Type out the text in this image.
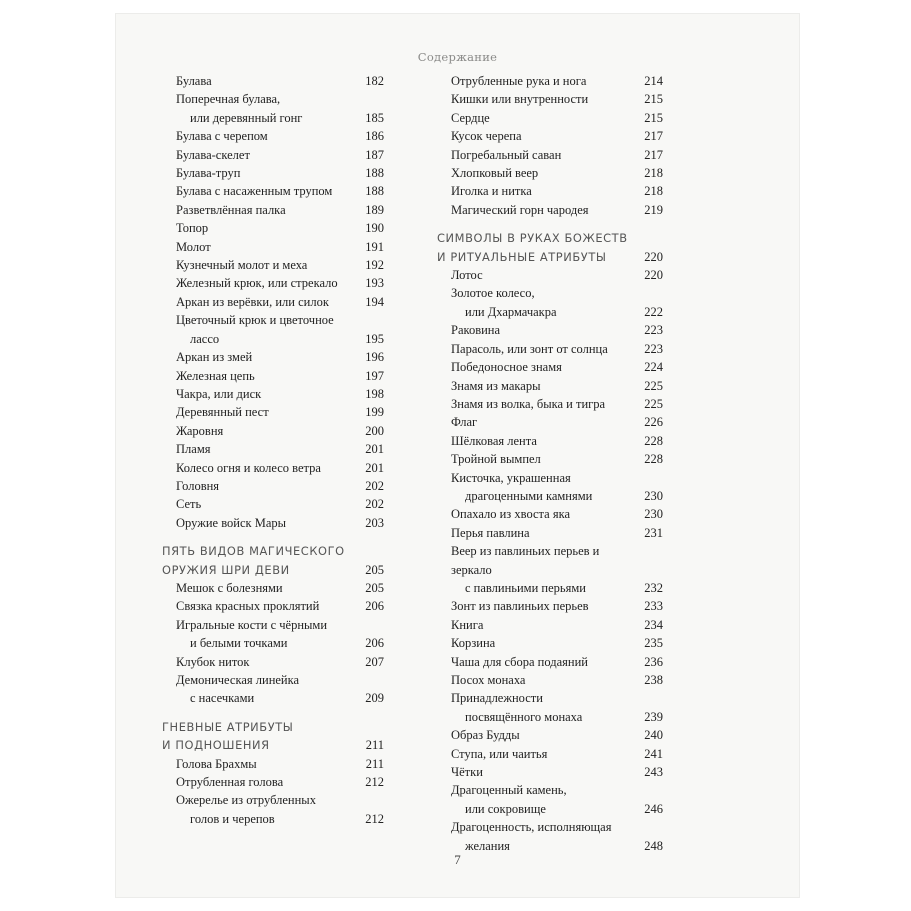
Содержание
Булава	182
Поперечная булава,
или деревянный гонг	185
Булава с черепом	186
Булава-скелет	187
Булава-труп	188
Булава с насаженным трупом	188
Разветвлённая палка	189
Топор	190
Молот	191
Кузнечный молот и меха	192
Железный крюк, или стрекало	193
Аркан из верёвки, или силок	194
Цветочный крюк и цветочное
лассо	195
Аркан из змей	196
Железная цепь	197
Чакра, или диск	198
Деревянный пест	199
Жаровня	200
Пламя	201
Колесо огня и колесо ветра	201
Головня	202
Сеть	202
Оружие войск Мары	203
ПЯТЬ ВИДОВ МАГИЧЕСКОГО
ОРУЖИЯ ШРИ ДЕВИ	205
Мешок с болезнями	205
Связка красных проклятий	206
Игральные кости с чёрными
и белыми точками	206
Клубок ниток	207
Демоническая линейка
с насечками	209
ГНЕВНЫЕ АТРИБУТЫ
И ПОДНОШЕНИЯ	211
Голова Брахмы	211
Отрубленная голова	212
Ожерелье из отрубленных
голов и черепов	212
Отрубленные рука и нога	214
Кишки или внутренности	215
Сердце	215
Кусок черепа	217
Погребальный саван	217
Хлопковый веер	218
Иголка и нитка	218
Магический горн чародея	219
СИМВОЛЫ В РУКАХ БОЖЕСТВ
И РИТУАЛЬНЫЕ АТРИБУТЫ	220
Лотос	220
Золотое колесо,
или Дхармачакра	222
Раковина	223
Парасоль, или зонт от солнца	223
Победоносное знамя	224
Знамя из макары	225
Знамя из волка, быка и тигра	225
Флаг	226
Шёлковая лента	228
Тройной вымпел	228
Кисточка, украшенная
драгоценными камнями	230
Опахало из хвоста яка	230
Перья павлина	231
Веер из павлиньих перьев и зеркало
с павлиньими перьями	232
Зонт из павлиньих перьев	233
Книга	234
Корзина	235
Чаша для сбора подаяний	236
Посох монаха	238
Принадлежности
посвящённого монаха	239
Образ Будды	240
Ступа, или чаитья	241
Чётки	243
Драгоценный камень,
или сокровище	246
Драгоценность, исполняющая
желания	248
7
